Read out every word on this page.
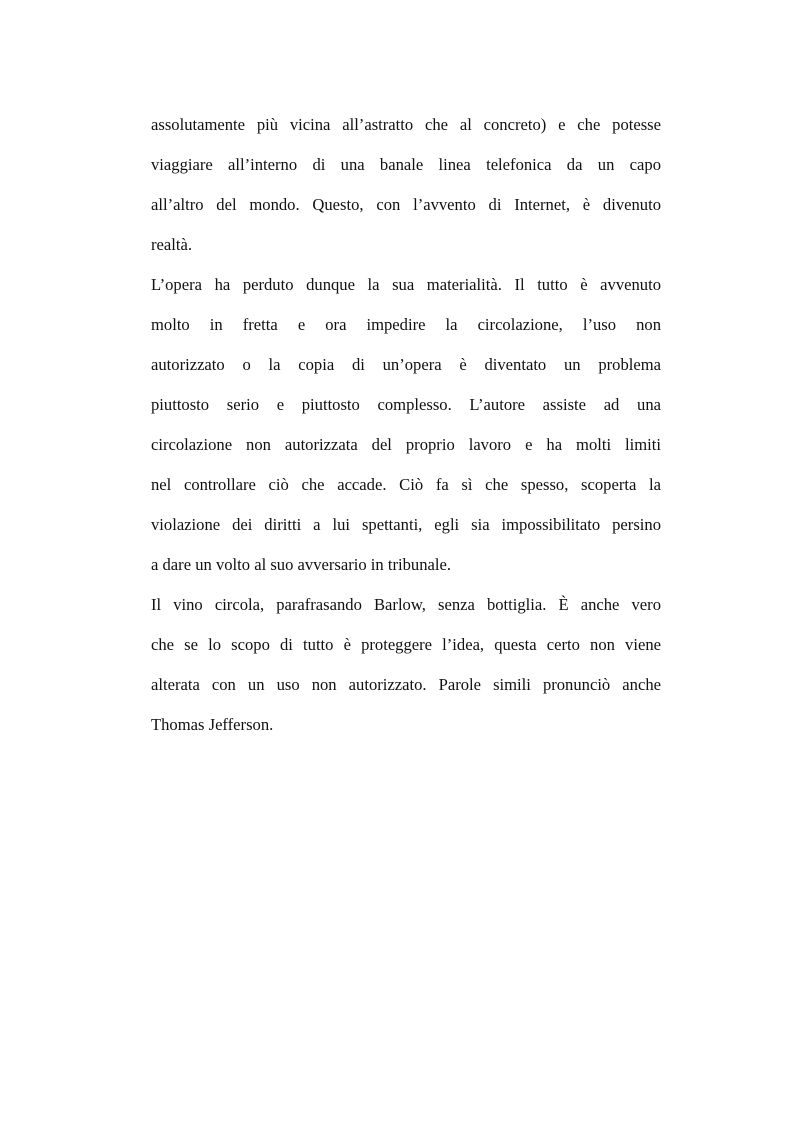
assolutamente più vicina all’astratto che al concreto) e che potesse
viaggiare all’interno di una banale linea telefonica da un capo
all’altro del mondo. Questo, con l’avvento di Internet, è divenuto
realtà.

L’opera ha perduto dunque la sua materialità. Il tutto è avvenuto
molto in fretta e ora impedire la circolazione, l’uso non
autorizzato o la copia di un’opera è diventato un problema
piuttosto serio e piuttosto complesso. L’autore assiste ad una
circolazione non autorizzata del proprio lavoro e ha molti limiti
nel controllare ciò che accade. Ciò fa sì che spesso, scoperta la
violazione dei diritti a lui spettanti, egli sia impossibilitato persino
a dare un volto al suo avversario in tribunale.

Il vino circola, parafrasando Barlow, senza bottiglia. È anche vero
che se lo scopo di tutto è proteggere l’idea, questa certo non viene
alterata con un uso non autorizzato. Parole simili pronunciò anche
Thomas Jefferson.
